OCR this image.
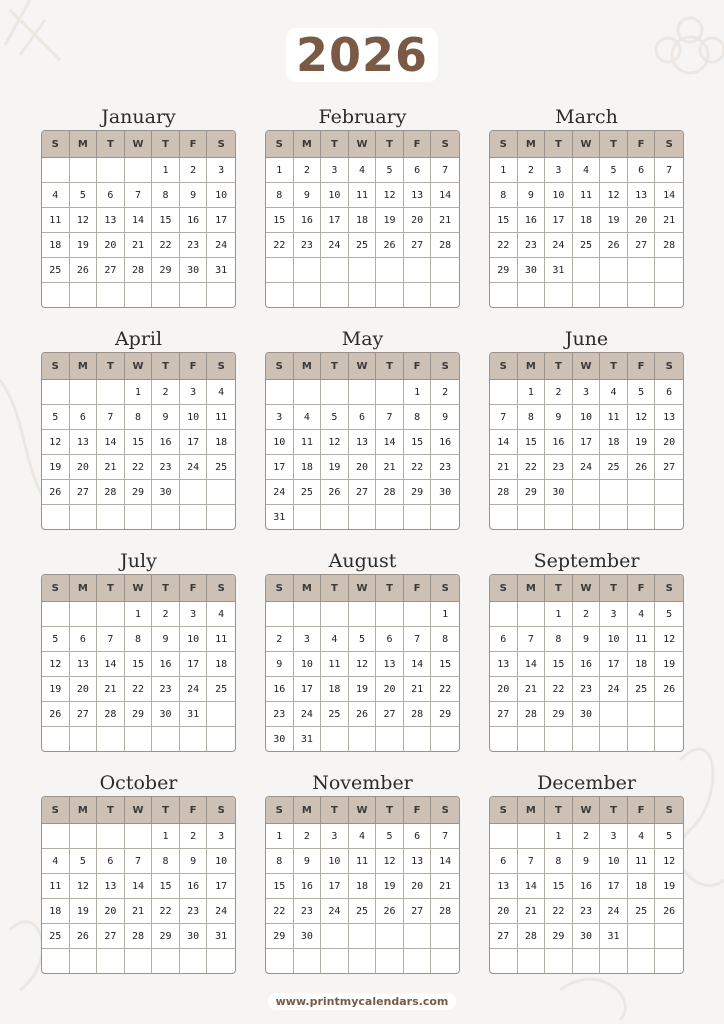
2026
January
S	M	T	W	T	F	S
				1	2	3
4	5	6	7	8	9	10
11	12	13	14	15	16	17
18	19	20	21	22	23	24
25	26	27	28	29	30	31

February
S	M	T	W	T	F	S
1	2	3	4	5	6	7
8	9	10	11	12	13	14
15	16	17	18	19	20	21
22	23	24	25	26	27	28

March
S	M	T	W	T	F	S
1	2	3	4	5	6	7
8	9	10	11	12	13	14
15	16	17	18	19	20	21
22	23	24	25	26	27	28
29	30	31				

April
S	M	T	W	T	F	S
			1	2	3	4
5	6	7	8	9	10	11
12	13	14	15	16	17	18
19	20	21	22	23	24	25
26	27	28	29	30		

May
S	M	T	W	T	F	S
					1	2
3	4	5	6	7	8	9
10	11	12	13	14	15	16
17	18	19	20	21	22	23
24	25	26	27	28	29	30
31						
June
S	M	T	W	T	F	S
	1	2	3	4	5	6
7	8	9	10	11	12	13
14	15	16	17	18	19	20
21	22	23	24	25	26	27
28	29	30				

July
S	M	T	W	T	F	S
			1	2	3	4
5	6	7	8	9	10	11
12	13	14	15	16	17	18
19	20	21	22	23	24	25
26	27	28	29	30	31	

August
S	M	T	W	T	F	S
						1
2	3	4	5	6	7	8
9	10	11	12	13	14	15
16	17	18	19	20	21	22
23	24	25	26	27	28	29
30	31					
September
S	M	T	W	T	F	S
		1	2	3	4	5
6	7	8	9	10	11	12
13	14	15	16	17	18	19
20	21	22	23	24	25	26
27	28	29	30			

October
S	M	T	W	T	F	S
				1	2	3
4	5	6	7	8	9	10
11	12	13	14	15	16	17
18	19	20	21	22	23	24
25	26	27	28	29	30	31

November
S	M	T	W	T	F	S
1	2	3	4	5	6	7
8	9	10	11	12	13	14
15	16	17	18	19	20	21
22	23	24	25	26	27	28
29	30					

December
S	M	T	W	T	F	S
		1	2	3	4	5
6	7	8	9	10	11	12
13	14	15	16	17	18	19
20	21	22	23	24	25	26
27	28	29	30	31		

www.printmycalendars.com
